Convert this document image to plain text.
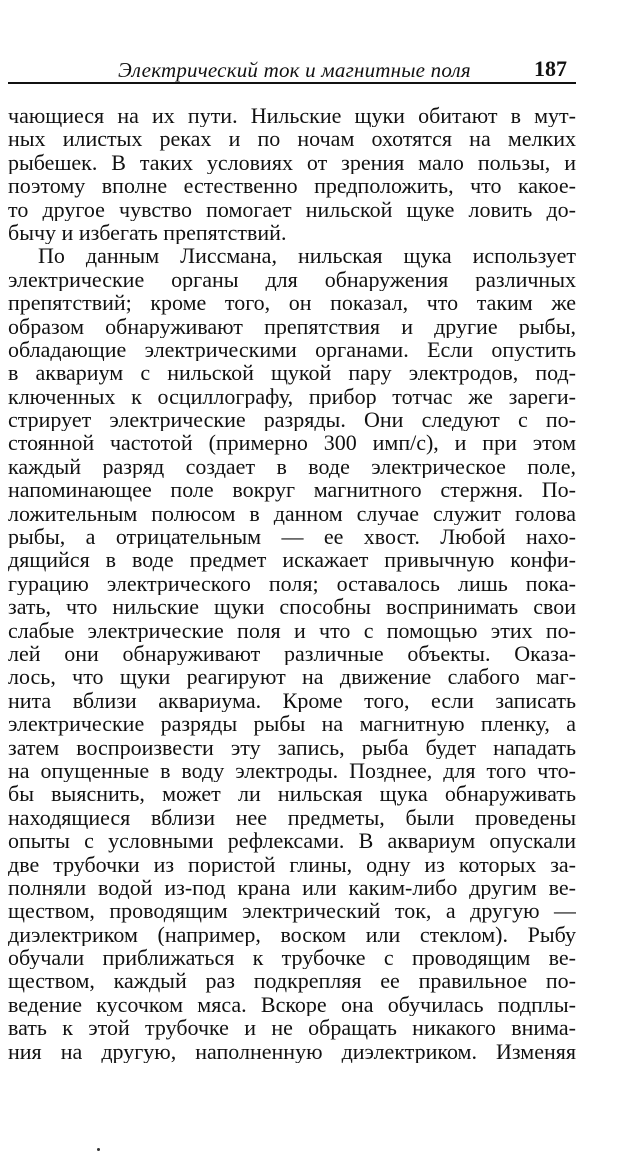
Электрический ток и магнитные поля	187
чающиеся на их пути. Нильские щуки обитают в мут-
ных илистых реках и по ночам охотятся на мелких
рыбешек. В таких условиях от зрения мало пользы, и
поэтому вполне естественно предположить, что какое-
то другое чувство помогает нильской щуке ловить до-
бычу и избегать препятствий.
По данным Лиссмана, нильская щука использует
электрические органы для обнаружения различных
препятствий; кроме того, он показал, что таким же
образом обнаруживают препятствия и другие рыбы,
обладающие электрическими органами. Если опустить
в аквариум с нильской щукой пару электродов, под-
ключенных к осциллографу, прибор тотчас же зареги-
стрирует электрические разряды. Они следуют с по-
стоянной частотой (примерно 300 имп/с), и при этом
каждый разряд создает в воде электрическое поле,
напоминающее поле вокруг магнитного стержня. По-
ложительным полюсом в данном случае служит голова
рыбы, а отрицательным — ее хвост. Любой нахо-
дящийся в воде предмет искажает привычную конфи-
гурацию электрического поля; оставалось лишь пока-
зать, что нильские щуки способны воспринимать свои
слабые электрические поля и что с помощью этих по-
лей они обнаруживают различные объекты. Оказа-
лось, что щуки реагируют на движение слабого маг-
нита вблизи аквариума. Кроме того, если записать
электрические разряды рыбы на магнитную пленку, а
затем воспроизвести эту запись, рыба будет нападать
на опущенные в воду электроды. Позднее, для того что-
бы выяснить, может ли нильская щука обнаруживать
находящиеся вблизи нее предметы, были проведены
опыты с условными рефлексами. В аквариум опускали
две трубочки из пористой глины, одну из которых за-
полняли водой из-под крана или каким-либо другим ве-
ществом, проводящим электрический ток, а другую —
диэлектриком (например, воском или стеклом). Рыбу
обучали приближаться к трубочке с проводящим ве-
ществом, каждый раз подкрепляя ее правильное по-
ведение кусочком мяса. Вскоре она обучилась подплы-
вать к этой трубочке и не обращать никакого внима-
ния на другую, наполненную диэлектриком. Изменяя
